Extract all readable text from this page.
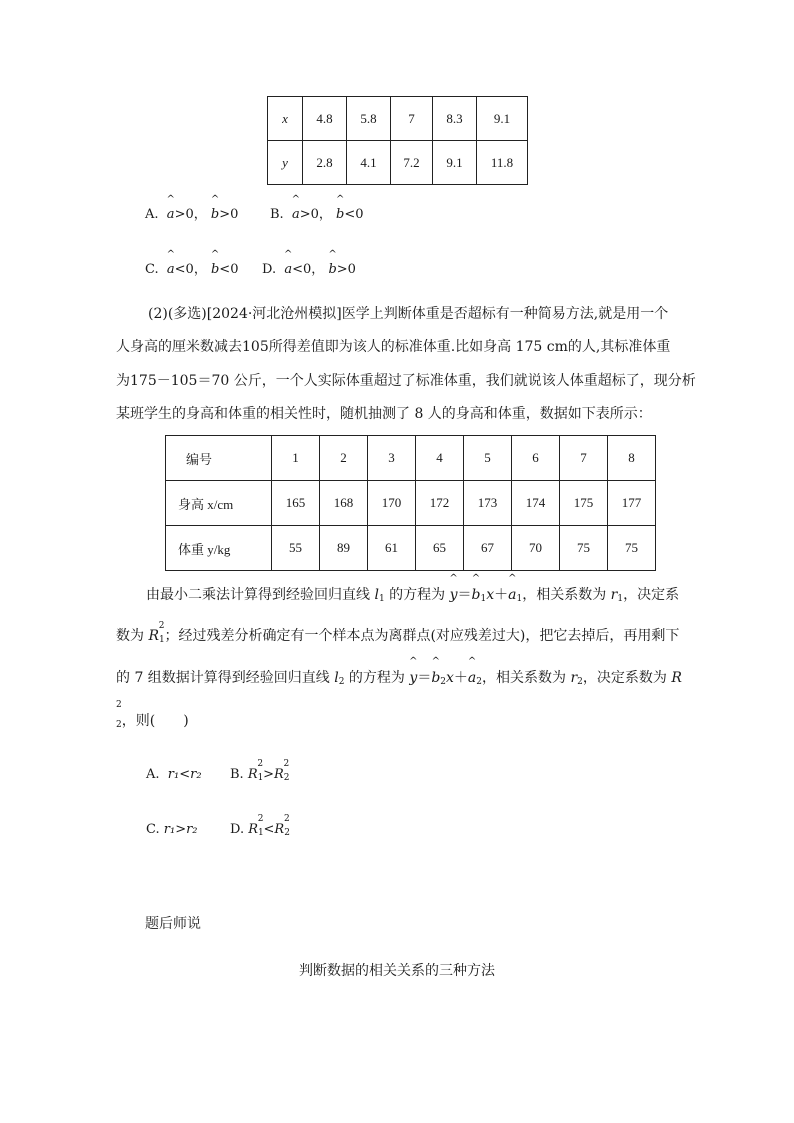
x	4.8	5.8	7	8.3	9.1
y	2.8	4.1	7.2	9.1	11.8
A.
^
a>0，
^
b>0 B.
^
a>0，
^
b<0
C.
^
a<0，
^
b<0 D.
^
a<0，
^
b>0
(2)(多选)[2024·河北沧州模拟]医学上判断体重是否超标有一种简易方法,就是用一个
人身高的厘米数减去105所得差值即为该人的标准体重.比如身高 175 cm的人,其标准体重
为175－105＝70 公斤，一个人实际体重超过了标准体重，我们就说该人体重超标了，现分析
某班学生的身高和体重的相关性时，随机抽测了 8 人的身高和体重，数据如下表所示：
编号	1	2	3	4	5	6	7	8
身高 x/cm	165	168	170	172	173	174	175	177
体重 y/kg	55	89	61	65	67	70	75	75
由最小二乘法计算得到经验回归直线 $l_1$ 的方程为
^
y＝
^
$b_1x+$
^
$a_1$，相关系数为 $r_1$，决定系
数为 $R_1^2$；经过残差分析确定有一个样本点为离群点(对应残差过大)，把它去掉后，再用剩下
的 7 组数据计算得到经验回归直线 $l_2$ 的方程为
^
y＝
^
$b_2x+$
^
$a_2$，相关系数为 $r_2$，决定系数为 R
2
$_2$，则(　　)
A. r₁<r₂ B. $R_1^2>R_2^2$
C. r₁>r₂ D. $R_1^2<R_2^2$
题后师说
判断数据的相关关系的三种方法
